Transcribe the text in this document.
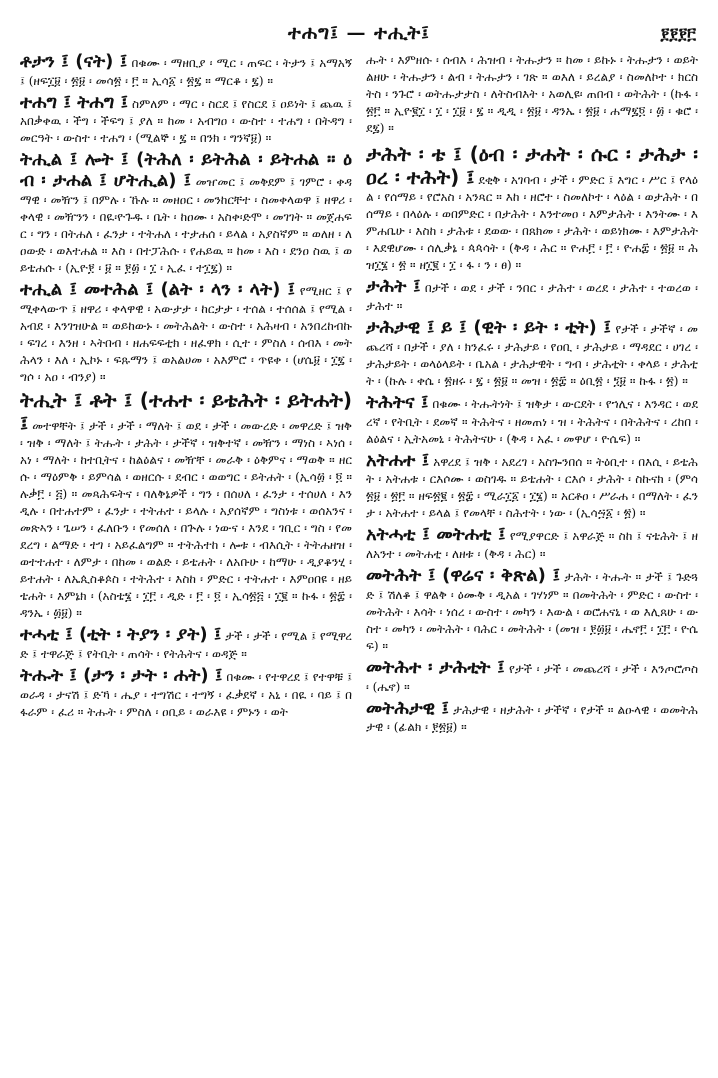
ተሐግ፤ — ተሒት፤	፻፻፻፫

ቶታን ፤ (ናት) ፤ በቁሙ ፡ ማዘቢያ ፡ ሚር ፡ ጠፍር ፡ ትታን ፤ አማአኝ ፤ (ዘፍ፲፱ ፡ ፳፱ ፡ መሳ፳ ፡ ፫ ። ኢሳ፩ ፡ ፳፯ ። ማርቆ ፡ ፯) ።

ተሐግ ፤ ትሐግ ፤ ስምለም ፡ ማር ፡ ስርደ ፤ የስርደ ፤ ዐይነት ፤ ጨዉ ፤ አበቃቀዉ ፡ ችግ ፡ ችፍግ ፤ ያለ ። ከመ ፡ አብግዐ ፡ ውስተ ፡ ተሐግ ፡ በትዳግ ፡ መርዓት ፡ ውስተ ፡ ተሐግ ፡ (ሚልኞ ፡ ፯ ። በንክ ፡ ግንኛ፱) ።

ትሒል ፤ ሎት ፤ (ትሕለ ፡ ይትሕል ፡ ይትሐል ። ዕብ ፡ ታሐል ፤ ሆትሒል) ፤ መዠመር ፤ መቅደም ፤ ገምሮ ፡ ቀዳማዊ ፡ መዥን ፤ በምሉ ፡ ኹሉ ። መዘዐር ፡ መንከርቸተ ፡ ስመቀላወዋ ፤ ዘዋሪ ፡ ቀላዊ ፡ መዥንን ፡ በዪ፡ዮጉዱ ፡ ቤት ፡ ከዐሙ ፡ አስቀ፡ድሞ ፡ መገገት ። መጀሐፍር ፡ ግን ፡ በትሐለ ፡ ፈንታ ፡ ተትሐለ ፡ ተታሐሰ ፡ ይላል ፡ አያስኛም ። ወለዘ ፡ ለዐውድ ፡ ወእተሐል ። እስ ፡ በተፓሕሱ ፡ የሐይዉ ። ከመ ፡ እስ ፡ ደንዐ ስዉ ፤ ወይቴሐሱ ፡ (ኢዮ፻ ፡ ፱ ። ፻፴ ፡ ፲ ፡ ኢፈ ፡ ተ፲፯) ።

ተሒል ፤ መተሕል ፤ (ልት ፡ ላን ፡ ላት) ፤ የሚዘር ፤ የሚቀላውጥ ፤ ዘዋሪ ፡ ቀላዋዊ ፡ አውታታ ፡ ከርታታ ፡ ተሰል ፡ ተሰሰል ፤ የሚል ፡ አብደ ፡ እንገዝሁል ። ወይከውኑ ፡ መትሕልት ፡ ውስተ ፡ አሕዛብ ፡ አንበረከብኩ ፡ ፍገረ ፡ እንዘ ፡ ኣትበብ ፡ ዘሐፍፍቲክ ፡ ዘፈዋክ ፡ ሲተ ፡ ምስለ ፡ ሰብእ ፡ መትሕላን ፡ እለ ፡ ኢኮኑ ፡ ፍጹማን ፤ ወአልሀመ ፡ አእምሮ ፡ ጥዩቀ ፡ (ሆሴ፱ ፡ ፲፯ ፡ ግሶ ፡ አዐ ፡ ብንያ) ።

ትሒት ፤ ቶት ፤ (ተሐተ ፡ ይቴሕት ፡ ይትሐት) ፤ መተዋቸት ፤ ታች ፡ ታች ፡ ማለት ፤ ወደ ፡ ታች ፡ መውረድ ፡ መዋረድ ፤ ዝቅ ፡ ዝቅ ፡ ማለት ፤ ትሑት ፡ ታሕት ፡ ታችኛ ፡ ዝቅተኛ ፡ መዥን ፡ ማነስ ፡ ኣነሰ ፡ አነ ፡ ማለት ፡ ከተቢትና ፡ ከልዕልና ፡ መዥቸ ፡ መራቅ ፡ ዕቅምና ፡ ማወቅ ። ዘርሱ ፡ ማዕምቅ ፡ ይምሳል ፡ ወዘርሱ ፡ ደብር ፡ ወወግር ፡ ይትሐት ፡ (ኢሳ፴ ፡ ፬ ። ሉቃ፫ ፡ ፭) ። መጻሕፍትና ፡ ባለቅኔዎች ፡ ግን ፡ በሰሀለ ፡ ፈንታ ፡ ተሰሀለ ፡ እንዲሉ ፡ በተሐተም ፡ ፈንታ ፡ ተትሐተ ፡ ይላሉ ፡ አያሰኛም ፡ ግስነቱ ፡ ወሰአንና ፡ መጽኣን ፡ ጌሠን ፡ ፈለቡን ፡ የመሰለ ፡ በጕሉ ፡ ነውና ፡ እንደ ፡ ገቢር ፡ ግስ ፡ የመደረግ ፡ ልማድ ፡ ተገ ፡ አይፈልግም ። ተትሕተከ ፡ ሎቱ ፡ ብእሲት ፡ ትትሐዘዝ ፡ ወተተሐተ ፡ ለምታ ፡ በከመ ፡ ወልድ ፡ ይቴሐት ፡ ለአቡሁ ፡ ከማሁ ፡ ዲያቆንሂ ፡ ይተሐት ፡ ለኤጲስቆጶስ ፡ ተትሕተ ፡ እስከ ፡ ምድር ፡ ተትሐተ ፡ እምዐበዩ ፡ ዘይቴሐት ፡ እምኔክ ፡ (አስቴ፮ ፡ ፲፫ ፡ ዲድ ፡ ፫ ፡ ፬ ፡ ኢሳ፳፭ ፡ ፲፪ ። ኩፋ ፡ ፳፰ ፡ ዳንኤ ፡ ፴፱) ።

ተሓቲ ፤ (ቲት ፡ ትያን ፡ ያት) ፤ ታች ፡ ታች ፡ የሚል ፤ የሚዋረድ ፤ ተዋራጅ ፤ የትቢት ፡ ጠሳት ፡ የትሕትና ፡ ወዳጅ ።

ትሑት ፤ (ታን ፡ ታት ፡ ሐት) ፤ በቁሙ ፡ የተዋረደ ፤ የተዋቹ ፤ ወራዳ ፡ ታናሽ ፤ ድኻ ፡ ሔያ ፡ ተግሽር ፡ ተግኝ ፡ ፈቃደኛ ፡ አኒ ፡ በዪ ፡ ባይ ፤ በፋራም ፡ ፈሪ ። ትሑት ፡ ምስለ ፡ ዐቢይ ፡ ወራእዩ ፡ ምኑን ፡ ወት

ሑት ፡ እምዘሱ ፡ ሰብእ ፡ ሕዝብ ፡ ትሑታን ። ከመ ፡ ይኩኑ ፡ ትሑታን ፡ ወይትልዘሁ ፡ ትሑታን ፡ ልብ ፡ ትሑታን ፡ ገጽ ። ወእለ ፡ ይረልያ ፡ ስመለኮተ ፡ ክርስትስ ፡ ንጉሮ ፡ ወትሑታታስ ፡ ለትስብእት ፡ አወሊዩ፡ ጠበብ ፡ ወትሕት ፡ (ኩፋ ፡ ፳፫ ። ኢዮ፪፲ ፡ ፲ ፡ ፲፱ ፡ ፯ ። ዲዲ ፡ ፳፱ ፡ ዳንኤ ፡ ፳፱ ፡ ሐማ፯፬ ፡ ፴ ፡ ቁሮ ፡ ደ፯) ።

ታሕት ፡ ቴ ፤ (ዕብ ፡ ታሐት ፡ ሱር ፡ ታሕታ ፡ ዐረ ፡ ተሕት) ፤ ደቂቅ ፡ አገባብ ፡ ታች ፡ ምድር ፤ እግር ፡ ሥር ፤ የላዕል ፡ የሰማይ ፡ የሮአስ ፡ አንጻር ። እከ ፡ ዘሮተ ፡ ስመለኮተ ፡ ላዕል ፡ ወታሕት ፡ በሰማይ ፡ በላዕሉ ፡ ወበምድር ፡ በታሕት ፡ እንተመዐ ፡ እምታሕት ፡ እንትሙ ፡ እምሐቤሁ ፡ እስከ ፡ ታሕቱ ፡ ደወው ፡ በጸክመ ፡ ታሕት ፡ ወይነክሙ ፡ እምታሕት ፡ እደዊሆሙ ፡ ሰሊቃኔ ፡ ጳጳሳት ፡ (ቅዳ ፡ ሕር ። ዮሐ፫ ፡ ፫ ፡ ዮሐ፰ ፡ ፳፱ ። ሕዝ፲፮ ፡ ፳ ። ዘ፲፪ ፡ ፲ ፡ ፋ ፡ ን ፡ ፀ) ።

ታሕት ፤ በታች ፡ ወደ ፡ ታች ፡ ንበር ፡ ታሕተ ፡ ወረደ ፡ ታሕተ ፡ ተወረወ ፡ ታሕተ ።

ታሕታዊ ፤ ይ ፤ (ዊት ፡ ይት ፡ ቲት) ፤ የታች ፡ ታችኛ ፡ መጨረሻ ፡ በታች ፡ ያለ ፡ ክንፈሩ ፡ ታሕታይ ፡ የዐቢ ፡ ታሕታይ ፡ ማዳደር ፡ ሀገረ ፡ ታሕታይት ፡ ወላዕላይት ፡ ቤአል ፡ ታሕታዊት ፡ ግብ ፡ ታሕቲት ፡ ቀላይ ፡ ታሕቲት ፡ (ኩሉ ፡ ቀሴ ፡ ፳ዘሩ ፡ ፯ ፡ ፳፱ ። መዝ ፡ ፳፰ ። ዕቢ፳ ፡ ፺፱ ። ኩፋ ፡ ፳) ።

ትሕትና ፤ በቁሙ ፡ ትሑትነት ፤ ዝቅታ ፡ ውርደት ፡ የኀሊና ፡ እንዳር ፡ ወደረኛ ፡ የትቢት ፡ ደመኛ ። ትሕትና ፡ ዘመጠነ ፡ ዝ ፡ ትሕትና ፡ በትሕትና ፡ ረከበ ፡ ልዕልና ፡ ኢትአመኒ ፡ ትሕትናሁ ፡ (ቅዳ ፡ አፈ ፡ መዋሆ ፡ ዮሴፍ) ።

አትሐተ ፤ አዋረደ ፤ ዝቅ ፡ አደረገ ፡ አስጐንበሰ ። ትዕቢተ ፡ በእሲ ፡ ይቴሕት ፡ አትሐቱ ፡ ርእሶሙ ፡ ወስገዱ ። ይቴሐት ፡ ርእሶ ፡ ታሕት ፡ ስኩናክ ፡ (ምሳ፳፱ ፡ ፳፫ ። ዘፍ፳፪ ፡ ፳፰ ፡ ሚራ፲፩ ፡ ፲፮) ። አርቶዐ ፡ ሥራሐ ፡ በማለት ፡ ፈንታ ፡ አትሐተ ፡ ይላል ፤ የመላቸ ፡ ስሕተት ፡ ነው ፡ (ኢሳ፵፩ ፡ ፳) ።

አትሓቲ ፤ መትሐቲ ፤ የሚያዋርድ ፤ አዋራጅ ። ስከ ፤ ናቴሕት ፤ ዘለአንተ ፡ መትሐቲ ፡ ለዘቱ ፡ (ቅዳ ፡ ሕር) ።

መትሕት ፤ (ዋሬና ፡ ቅጽል) ፤ ታሕት ፡ ትሑት ። ታች ፤ ጉድጓድ ፤ ሽለቆ ፤ ዋልቅ ፡ ዕሙቅ ፡ ዲአል ፡ ገሃነም ። በመትሕት ፡ ምድር ፡ ውስተ ፡ መትሕት ፡ እሳት ፡ ነሰረ ፡ ውስተ ፡ መካን ፡ እውል ፡ ወሮሐናኒ ፡ ወ እሊጸሁ ፡ ውስተ ፡ መካን ፡ መትሕት ፡ ባሕር ፡ መትሕት ፡ (መዝ ፡ ፻፴፱ ፡ ሔኖ፫ ፡ ፲፫ ፡ ዮሴፍ) ።

መትሕተ ፡ ታሕቲት ፤ የታች ፡ ታች ፡ መጨረሻ ፡ ታች ፡ እንጦሮጦስ ፡ (ሔኖ) ።

መትሕታዊ ፤ ታሕታዊ ፡ ዘታሕት ፡ ታችኛ ፡ የታች ። ልዑላዊ ፡ ወመትሕታዊ ፡ (ፊልክ ፡ ፻፳፱) ።
